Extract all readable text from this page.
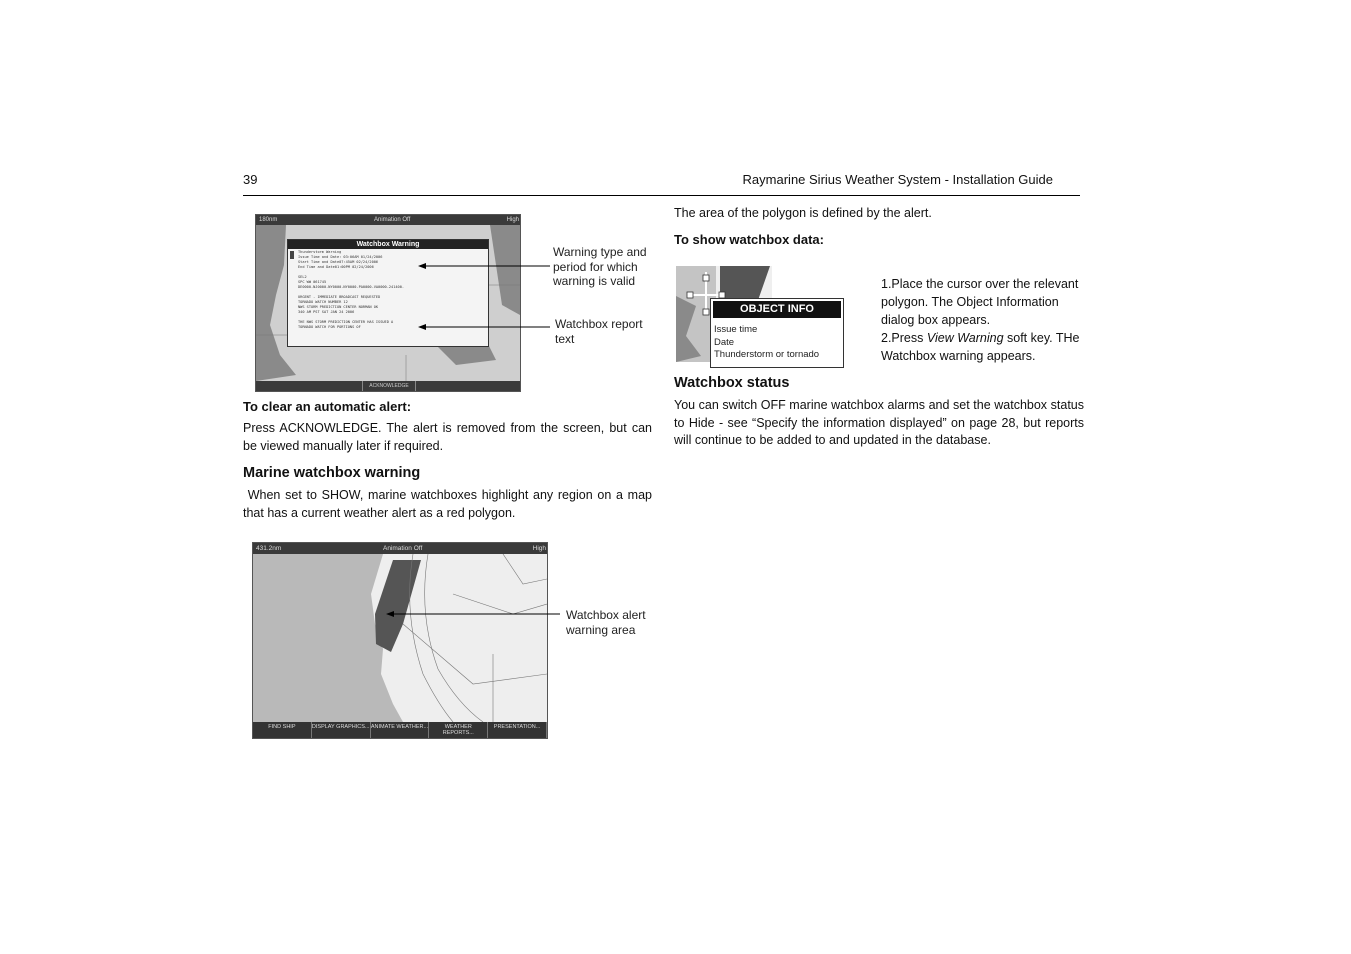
39	Raymarine Sirius Weather System - Installation Guide
180nm	Animation Off	High
Watchbox Warning
Thunderstorm Warning
Issue Time and Date: 03:06AM 01/24/2006
Start Time and Date07:45AM 02/24/2006
End Time and Date01:00PM 02/24/2006

SEL2
SPC WW 061745
DE0000-NJ0000-NY0000-NY0000-PA0000-VA0000-241400-

URGENT - IMMEDIATE BROADCAST REQUESTED
TORNADO WATCH NUMBER 12
NWS STORM PREDICTION CENTER NORMAN OK
340 AM PST SAT JAN 24 2006

THE NWS STORM PREDICTION CENTER HAS ISSUED A
TORNADO WATCH FOR PORTIONS OF
ACKNOWLEDGE
Warning type and period for which warning is valid
Watchbox report text
To clear an automatic alert:
Press ACKNOWLEDGE. The alert is removed from the screen, but can be viewed manually later if required.
Marine watchbox warning
When set to SHOW, marine watchboxes highlight any region on a map that has a current weather alert as a red polygon.
431.2nm	Animation Off	High
FIND SHIP	DISPLAY GRAPHICS... ANIMATE WEATHER...	WEATHER REPORTS...
PRESENTATION...
Watchbox alert warning area
The area of the polygon is defined by the alert.
To show watchbox data:
OBJECT INFO
Issue time
Date
Thunderstorm or tornado
1.Place the cursor over the relevant polygon. The Object Information dialog box appears.
2.Press View Warning soft key. THe Watchbox warning appears.
Watchbox status
You can switch OFF marine watchbox alarms and set the watchbox status to Hide - see “Specify the information displayed” on page 28, but reports will continue to be added to and updated in the database.
